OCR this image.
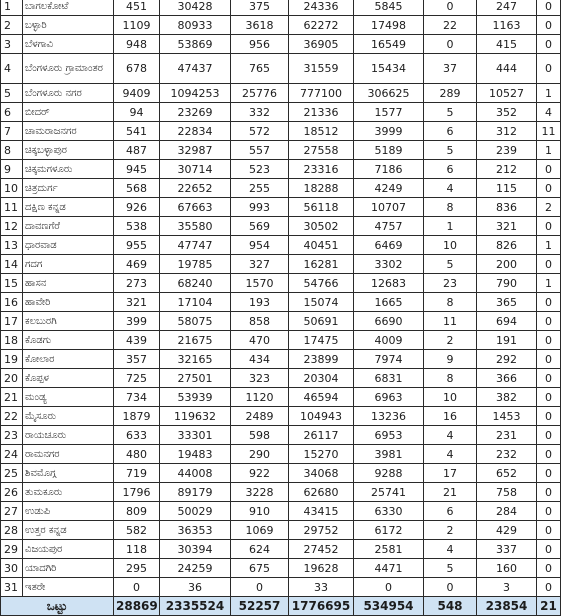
1	ಬಾಗಲಕೋಟೆ	451	30428	375	24336	5845	0	247	0
2	ಬಳ್ಳಾರಿ	1109	80933	3618	62272	17498	22	1163	0
3	ಬೆಳಗಾವಿ	948	53869	956	36905	16549	0	415	0
4	ಬೆಂಗಳೂರು ಗ್ರಾಮಾಂತರ	678	47437	765	31559	15434	37	444	0
5	ಬೆಂಗಳೂರು ನಗರ	9409	1094253	25776	777100	306625	289	10527	1
6	ಬೀದರ್	94	23269	332	21336	1577	5	352	4
7	ಚಾಮರಾಜನಗರ	541	22834	572	18512	3999	6	312	11
8	ಚಿಕ್ಕಬಳ್ಳಾಪುರ	487	32987	557	27558	5189	5	239	1
9	ಚಿಕ್ಕಮಗಳೂರು	945	30714	523	23316	7186	6	212	0
10	ಚಿತ್ರದುರ್ಗ	568	22652	255	18288	4249	4	115	0
11	ದಕ್ಷಿಣ ಕನ್ನಡ	926	67663	993	56118	10707	8	836	2
12	ದಾವಣಗೆರೆ	538	35580	569	30502	4757	1	321	0
13	ಧಾರವಾಡ	955	47747	954	40451	6469	10	826	1
14	ಗದಗ	469	19785	327	16281	3302	5	200	0
15	ಹಾಸನ	273	68240	1570	54766	12683	23	790	1
16	ಹಾವೇರಿ	321	17104	193	15074	1665	8	365	0
17	ಕಲಬುರಗಿ	399	58075	858	50691	6690	11	694	0
18	ಕೊಡಗು	439	21675	470	17475	4009	2	191	0
19	ಕೋಲಾರ	357	32165	434	23899	7974	9	292	0
20	ಕೊಪ್ಪಳ	725	27501	323	20304	6831	8	366	0
21	ಮಂಡ್ಯ	734	53939	1120	46594	6963	10	382	0
22	ಮೈಸೂರು	1879	119632	2489	104943	13236	16	1453	0
23	ರಾಯಚೂರು	633	33301	598	26117	6953	4	231	0
24	ರಾಮನಗರ	480	19483	290	15270	3981	4	232	0
25	ಶಿವಮೊಗ್ಗ	719	44008	922	34068	9288	17	652	0
26	ತುಮಕೂರು	1796	89179	3228	62680	25741	21	758	0
27	ಉಡುಪಿ	809	50029	910	43415	6330	6	284	0
28	ಉತ್ತರ ಕನ್ನಡ	582	36353	1069	29752	6172	2	429	0
29	ವಿಜಯಪುರ	118	30394	624	27452	2581	4	337	0
30	ಯಾದಗಿರಿ	295	24259	675	19628	4471	5	160	0
31	ಇತರೇ	0	36	0	33	0	0	3	0
ಒಟ್ಟು		28869	2335524	52257	1776695	534954	548	23854	21
